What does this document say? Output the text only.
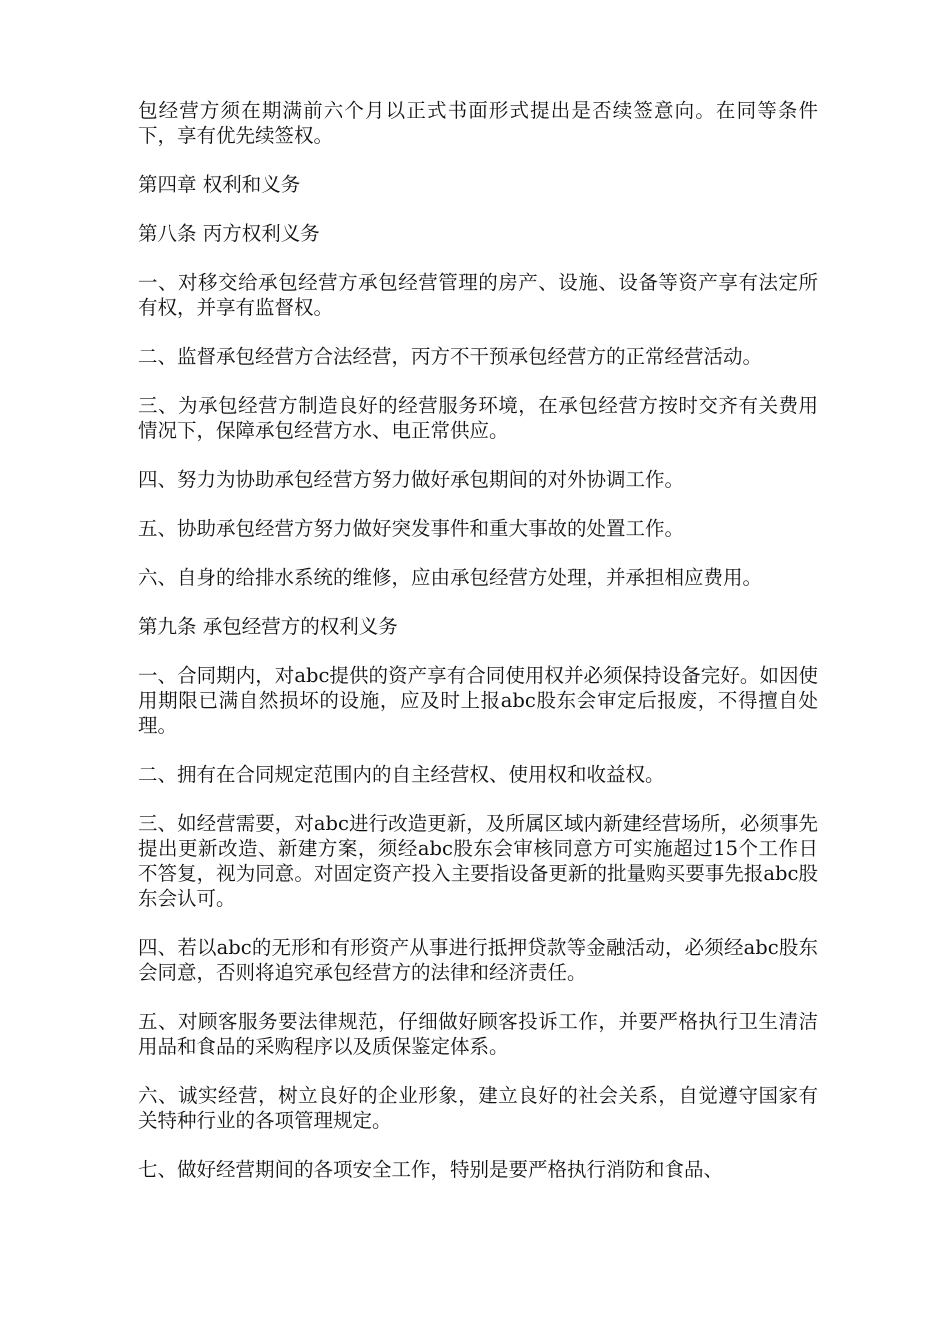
包经营方须在期满前六个月以正式书面形式提出是否续签意向。在同等条件下，享有优先续签权。

第四章 权利和义务

第八条 丙方权利义务

一、对移交给承包经营方承包经营管理的房产、设施、设备等资产享有法定所有权，并享有监督权。

二、监督承包经营方合法经营，丙方不干预承包经营方的正常经营活动。

三、为承包经营方制造良好的经营服务环境，在承包经营方按时交齐有关费用情况下，保障承包经营方水、电正常供应。

四、努力为协助承包经营方努力做好承包期间的对外协调工作。

五、协助承包经营方努力做好突发事件和重大事故的处置工作。

六、自身的给排水系统的维修，应由承包经营方处理，并承担相应费用。

第九条 承包经营方的权利义务

一、合同期内，对abc提供的资产享有合同使用权并必须保持设备完好。如因使用期限已满自然损坏的设施，应及时上报abc股东会审定后报废，不得擅自处理。

二、拥有在合同规定范围内的自主经营权、使用权和收益权。

三、如经营需要，对abc进行改造更新，及所属区域内新建经营场所，必须事先提出更新改造、新建方案，须经abc股东会审核同意方可实施超过15个工作日不答复，视为同意。对固定资产投入主要指设备更新的批量购买要事先报abc股东会认可。

四、若以abc的无形和有形资产从事进行抵押贷款等金融活动，必须经abc股东会同意，否则将追究承包经营方的法律和经济责任。

五、对顾客服务要法律规范，仔细做好顾客投诉工作，并要严格执行卫生清洁用品和食品的采购程序以及质保鉴定体系。

六、诚实经营，树立良好的企业形象，建立良好的社会关系，自觉遵守国家有关特种行业的各项管理规定。

七、做好经营期间的各项安全工作，特别是要严格执行消防和食品、
